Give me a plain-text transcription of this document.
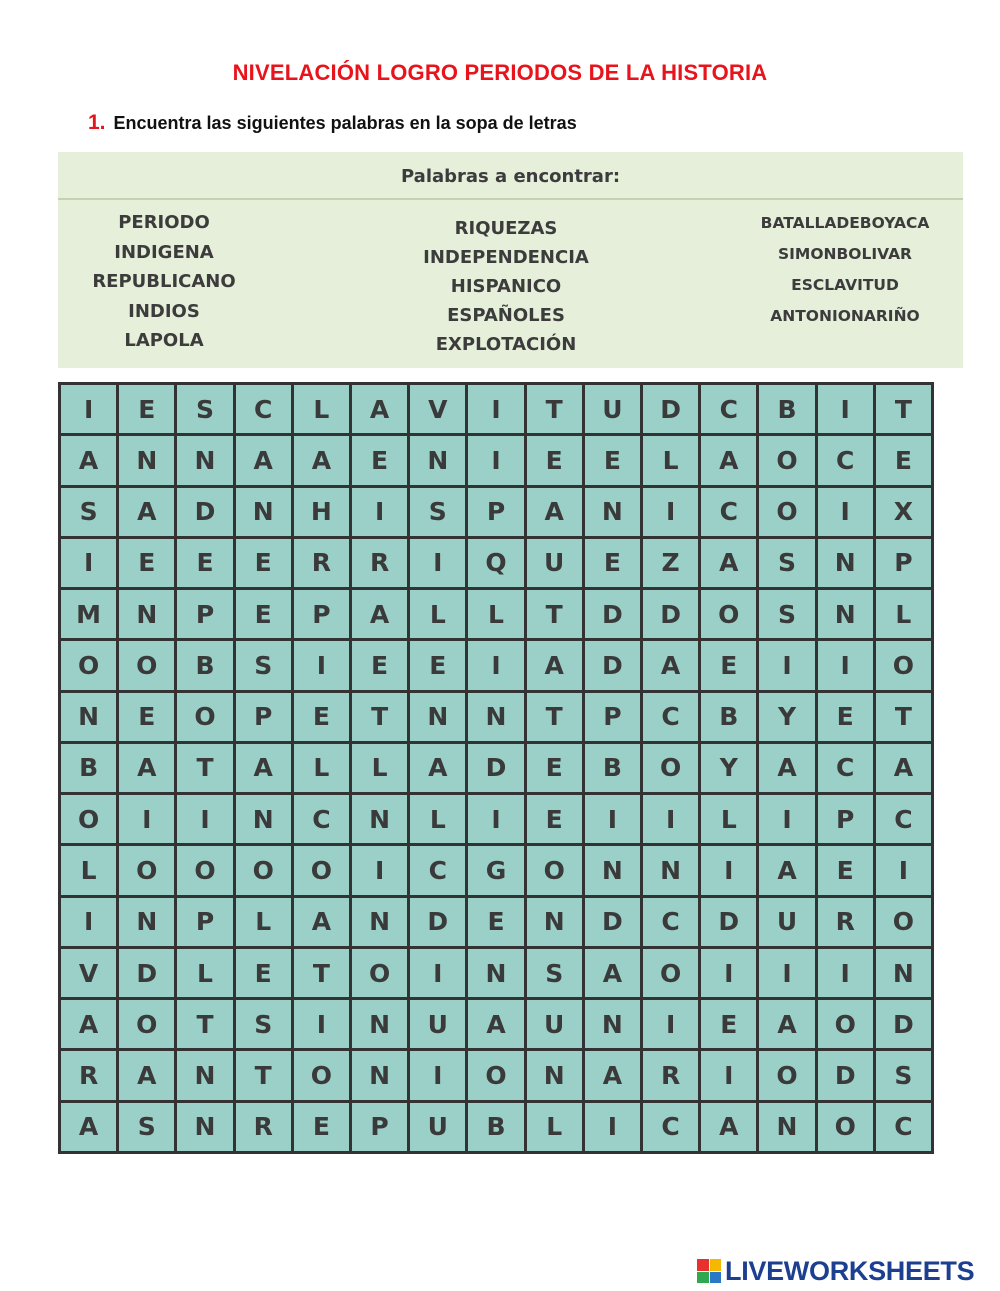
NIVELACIÓN LOGRO PERIODOS DE LA HISTORIA
1. Encuentra las siguientes palabras en la sopa de letras
Palabras a encontrar:
PERIODO
INDIGENA
REPUBLICANO
INDIOS
LAPOLA
RIQUEZAS
INDEPENDENCIA
HISPANICO
ESPAÑOLES
EXPLOTACIÓN
BATALLADEBOYACA
SIMONBOLIVAR
ESCLAVITUD
ANTONIONARIÑO
I	E	S	C	L	A	V	I	T	U	D	C	B	I	T
A	N	N	A	A	E	N	I	E	E	L	A	O	C	E
S	A	D	N	H	I	S	P	A	N	I	C	O	I	X
I	E	E	E	R	R	I	Q	U	E	Z	A	S	N	P
M	N	P	E	P	A	L	L	T	D	D	O	S	N	L
O	O	B	S	I	E	E	I	A	D	A	E	I	I	O
N	E	O	P	E	T	N	N	T	P	C	B	Y	E	T
B	A	T	A	L	L	A	D	E	B	O	Y	A	C	A
O	I	I	N	C	N	L	I	E	I	I	L	I	P	C
L	O	O	O	O	I	C	G	O	N	N	I	A	E	I
I	N	P	L	A	N	D	E	N	D	C	D	U	R	O
V	D	L	E	T	O	I	N	S	A	O	I	I	I	N
A	O	T	S	I	N	U	A	U	N	I	E	A	O	D
R	A	N	T	O	N	I	O	N	A	R	I	O	D	S
A	S	N	R	E	P	U	B	L	I	C	A	N	O	C
LIVEWORKSHEETS
